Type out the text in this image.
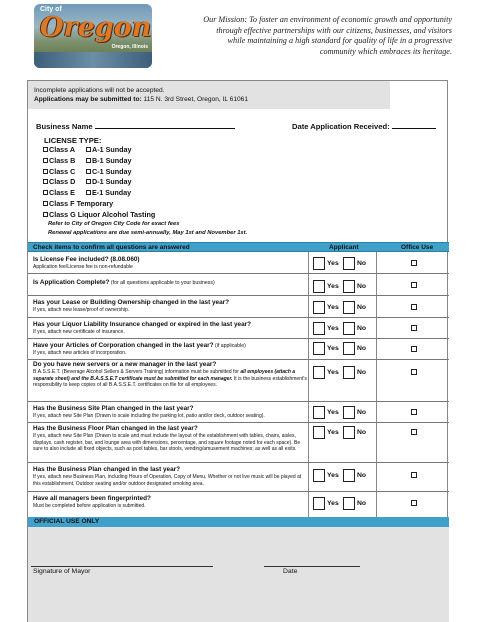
City of
Oregon
Oregon, Illinois
Our Mission: To foster an environment of economic growth and opportunity through effective partnerships with our citizens, businesses, and visitors while maintaining a high standard for quality of life in a progressive community which embraces its heritage.
Incomplete applications will not be accepted.
Applications may be submitted to: 115 N. 3rd Street, Oregon, IL 61061
Business Name	Date Application Received:
LICENSE TYPE:
Class A
Class B
Class C
Class D
Class E
A-1 Sunday
B-1 Sunday
C-1 Sunday
D-1 Sunday
E-1 Sunday
Class F Temporary
Class G Liquor Alcohol Tasting
Refer to City of Oregon City Code for exact fees
Renewal applications are due semi-annually, May 1st and November 1st.
Check items to confirm all questions are answered	Applicant	Office Use
Is License Fee included? (8.08.060)
Application fee/License fee is non-refundable	Yes	No
Is Application Complete? (for all questions applicable to your business)	Yes	No
Has your Lease or Building Ownership changed in the last year?
If yes, attach new lease/proof of ownership.	Yes	No
Has your Liquor Liability Insurance changed or expired in the last year?
If yes, attach new certificate of insurance.	Yes	No
Have your Articles of Corporation changed in the last year? (if applicable)
If yes, attach new articles of incorporation.
Yes	No
Do you have new servers or a new manager in the last year?
B.A.S.S.E.T. (Beverage Alcohol Sellers & Servers Training) information must be submitted for all employees (attach a separate sheet) and the B.A.S.S.E.T certificate must be submitted for each manager. It is the business establishment's responsibility to keep copies of all B.A.S.S.E.T. certificates on file for all employees.
Yes	No
Has the Business Site Plan changed in the last year?
If yes, attach new Site Plan (Drawn to scale including the parking lot, patio and/or deck, outdoor seating).	Yes	No
Has the Business Floor Plan changed in the last year?
If yes, attach new Site Plan (Drawn to scale and must include the layout of the establishment with tables, chairs, aisles, displays, cash register, bar, and lounge area with dimensions, percentage, and square footage noted for each space). Be sure to also include all fixed objects, such as pool tables, bar stools, vending/amusement machines; as well as all exits.
Yes	No
Has the Business Plan changed in the last year?
If yes, attach new Business Plan, including Hours of Operation, Copy of Menu, Whether or not live music will be played at this establishment, Outdoor seating and/or outdoor designated smoking area.
Yes	No
Have all managers been fingerprinted?
Must be completed before application is submitted.	Yes	No
OFFICIAL USE ONLY
Signature of Mayor	Date
